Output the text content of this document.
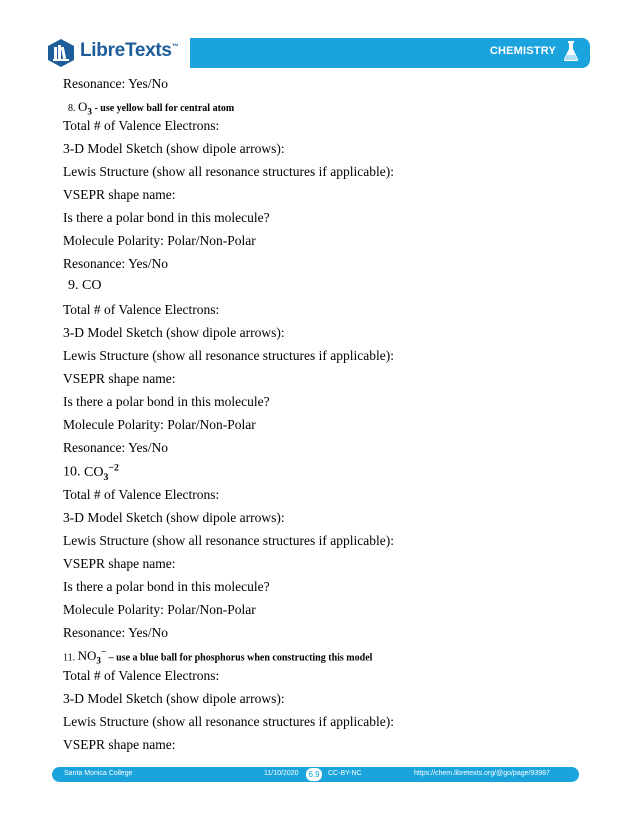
LibreTexts™	CHEMISTRY
Resonance: Yes/No
8. $O_3$ - use yellow ball for central atom
Total # of Valence Electrons:
3-D Model Sketch (show dipole arrows):
Lewis Structure (show all resonance structures if applicable):
VSEPR shape name:
Is there a polar bond in this molecule?
Molecule Polarity: Polar/Non-Polar
Resonance: Yes/No
9. CO
Total # of Valence Electrons:
3-D Model Sketch (show dipole arrows):
Lewis Structure (show all resonance structures if applicable):
VSEPR shape name:
Is there a polar bond in this molecule?
Molecule Polarity: Polar/Non-Polar
Resonance: Yes/No
10. $CO_3^{-2}$
Total # of Valence Electrons:
3-D Model Sketch (show dipole arrows):
Lewis Structure (show all resonance structures if applicable):
VSEPR shape name:
Is there a polar bond in this molecule?
Molecule Polarity: Polar/Non-Polar
Resonance: Yes/No
11. $NO_3^-$ – use a blue ball for phosphorus when constructing this model
Total # of Valence Electrons:
3-D Model Sketch (show dipole arrows):
Lewis Structure (show all resonance structures if applicable):
VSEPR shape name:
Santa Monica College	11/10/2020	6.9	CC-BY-NC	https://chem.libretexts.org/@go/page/93987
